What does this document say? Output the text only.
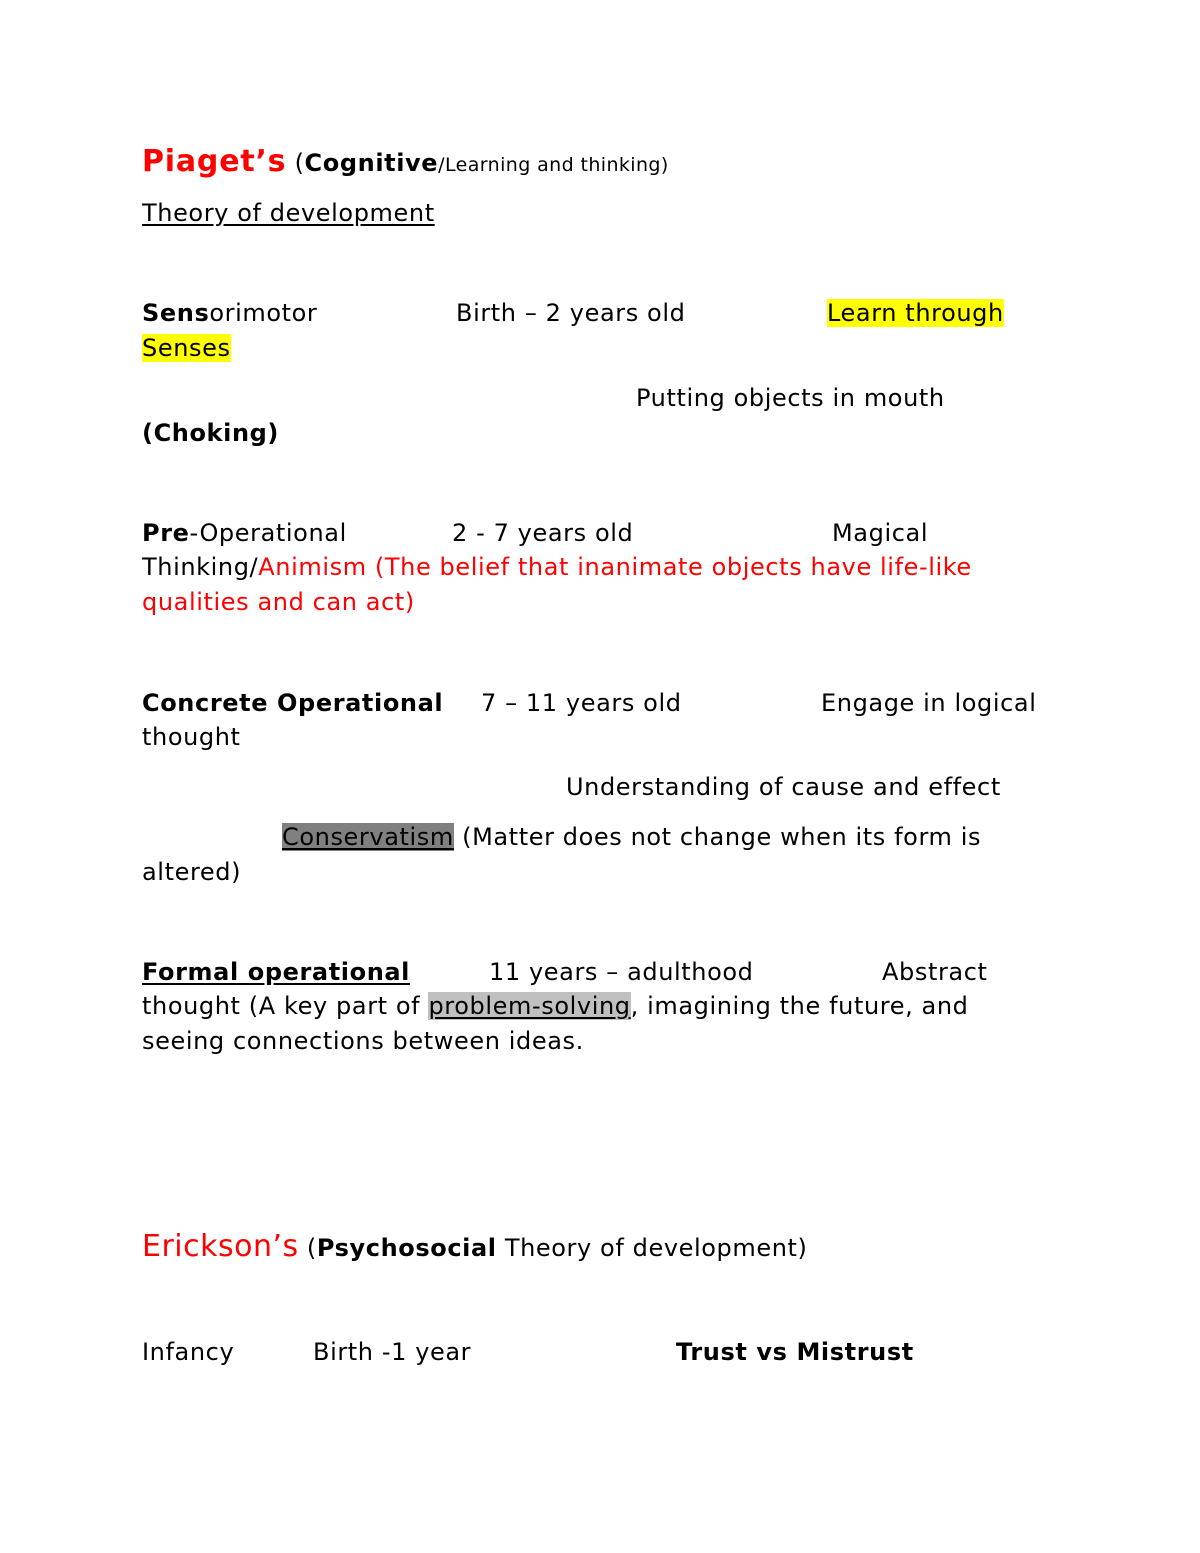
Piaget’s (Cognitive/Learning and thinking)
Theory of development
Sensorimotor	Birth – 2 years old	Learn through
Senses
Putting objects in mouth
(Choking)
Pre-Operational	2 - 7 years old	Magical
Thinking/Animism (The belief that inanimate objects have life-like
qualities and can act)
Concrete Operational 7 – 11 years old	Engage in logical
thought
Understanding of cause and effect
Conservatism (Matter does not change when its form is
altered)
Formal operational	11 years – adulthood	Abstract
thought (A key part of problem-solving, imagining the future, and
seeing connections between ideas.
Erickson’s (Psychosocial Theory of development)
Infancy	Birth -1 year	Trust vs Mistrust
